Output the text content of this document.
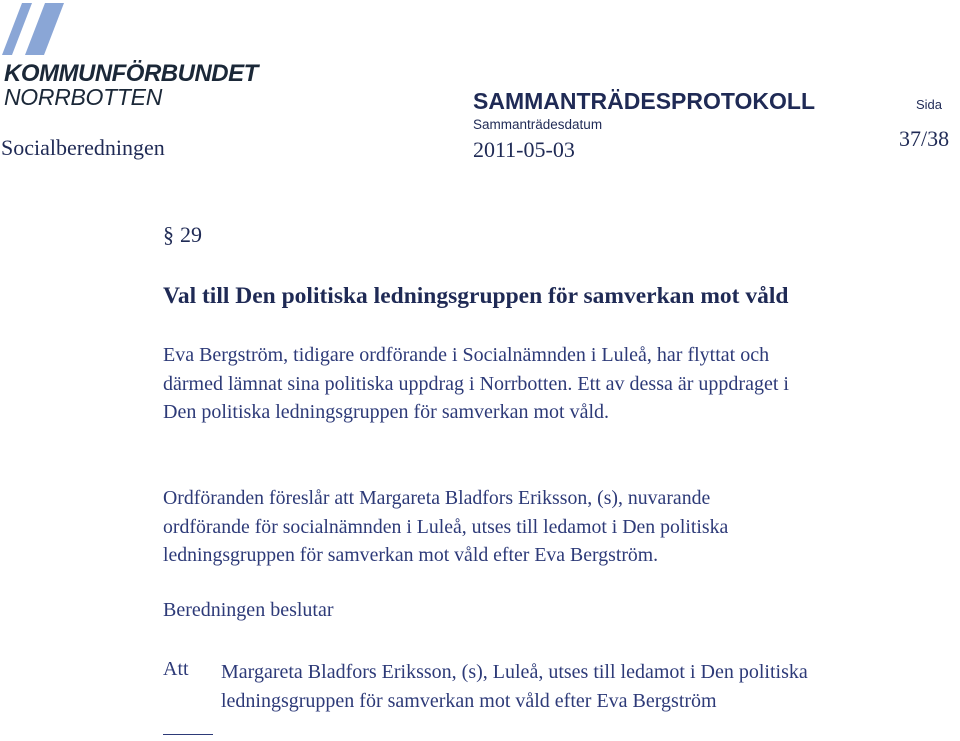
KOMMUNFÖRBUNDET
NORRBOTTEN	SAMMANTRÄDESPROTOKOLL	Sida
Sammanträdesdatum
Socialberedningen	2011-05-03	37/38
§ 29
Val till Den politiska ledningsgruppen för samverkan mot våld
Eva Bergström, tidigare ordförande i Socialnämnden i Luleå, har flyttat och
därmed lämnat sina politiska uppdrag i Norrbotten. Ett av dessa är uppdraget i
Den politiska ledningsgruppen för samverkan mot våld.
Ordföranden föreslår att Margareta Bladfors Eriksson, (s), nuvarande
ordförande för socialnämnden i Luleå, utses till ledamot i Den politiska
ledningsgruppen för samverkan mot våld efter Eva Bergström.
Beredningen beslutar
Att Margareta Bladfors Eriksson, (s), Luleå, utses till ledamot i Den politiska
ledningsgruppen för samverkan mot våld efter Eva Bergström
